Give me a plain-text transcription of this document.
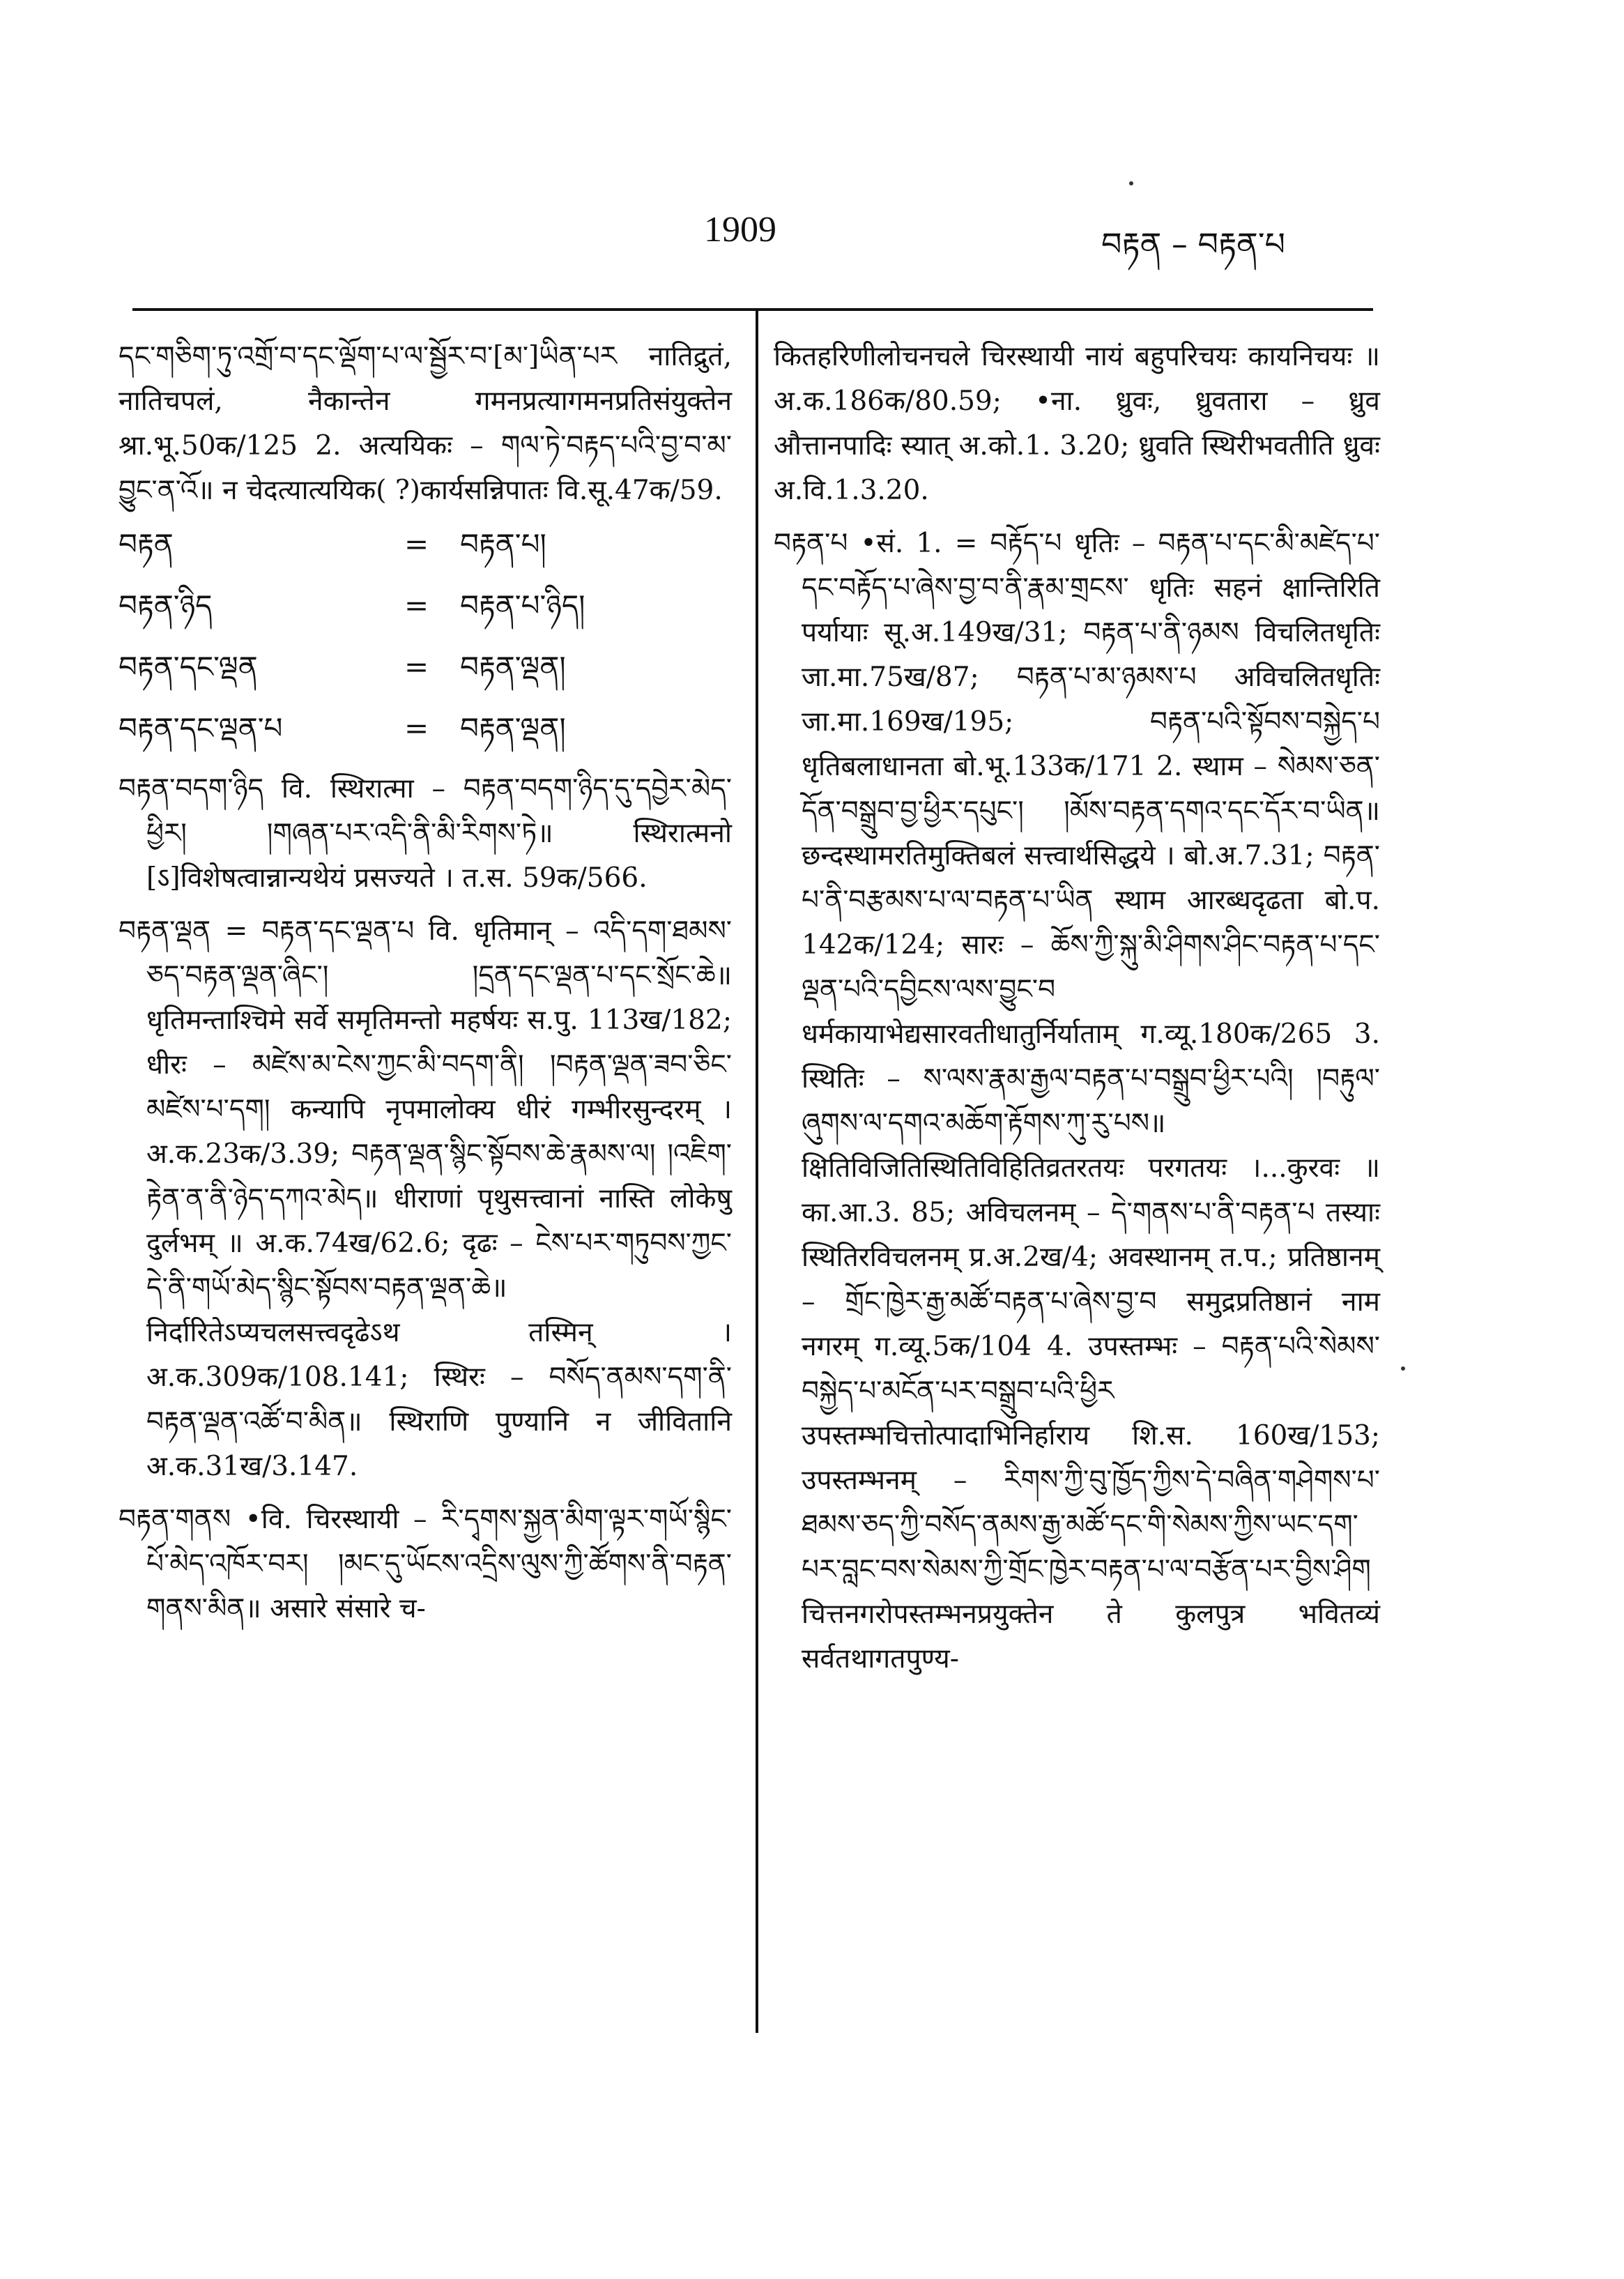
1909	བརྟན – བརྟན་པ

དང་གཅིག་ཏུ་འགྲོ་བ་དང་ལྡོག་པ་ལ་སྦྱོར་བ་[མ་]ཡིན་པར नातिद्रुतं, नातिचपलं, नैकान्तेन गमनप्रत्यागमनप्रतिसंयुक्तेन श्रा.भू.50क/125 2. अत्ययिकः – གལ་ཏེ་བརྟད་པའི་བྱ་བ་མ་བྱུང་ན་འོ॥ न चेदत्यात्ययिक( ?)कार्यसन्निपातः वि.सू.47क/59.

བརྟན	=	བརྟན་པ།
བརྟན་ཉིད	=	བརྟན་པ་ཉིད།
བརྟན་དང་ལྡན	=	བརྟན་ལྡན།
བརྟན་དང་ལྡན་པ	=	བརྟན་ལྡན།

བརྟན་བདག་ཉིད वि. स्थिरात्मा – བརྟན་བདག་ཉིད་དུ་དབྱེར་མེད་ཕྱིར། །གཞན་པར་འདི་ནི་མི་རིགས་ཏེ॥ स्थिरात्मनो [ऽ]विशेषत्वान्नान्यथेयं प्रसज्यते । त.स. 59क/566.

བརྟན་ལྡན = བརྟན་དང་ལྡན་པ वि. धृतिमान् – འདི་དག་ཐམས་ཅད་བརྟན་ལྡན་ཞིང་། །དྲན་དང་ལྡན་པ་དང་སྲོང་ཆེ॥ धृतिमन्ताश्चिमे सर्वे समृतिमन्तो महर्षयः स.पु. 113ख/182; धीरः – མཛེས་མ་ངེས་ཀྱང་མི་བདག་ནི། །བརྟན་ལྡན་ཟབ་ཅིང་མཛེས་པ་དག། कन्यापि नृपमालोक्य धीरं गम्भीरसुन्दरम् । अ.क.23क/3.39; བརྟན་ལྡན་སྙིང་སྟོབས་ཆེ་རྣམས་ལ། །འཇིག་རྟེན་ན་ནི་ཉེད་དཀའ་མེད॥ धीराणां पृथुसत्त्वानां नास्ति लोकेषु दुर्लभम् ॥ अ.क.74ख/62.6; दृढः – ངེས་པར་གཏུབས་ཀྱང་དེ་ནི་གཡོ་མེད་སྙིང་སྟོབས་བརྟན་ལྡན་ཆེ॥ निर्दारितेऽप्यचलसत्त्वदृढेऽथ तस्मिन् । अ.क.309क/108.141; स्थिरः – བསོད་ནམས་དག་ནི་བརྟན་ལྡན་འཚོ་བ་མིན॥ स्थिराणि पुण्यानि न जीवितानि अ.क.31ख/3.147.

བརྟན་གནས •वि. चिरस्थायी – རི་དྭགས་སྐྱན་མིག་ལྟར་གཡོ་སྙིང་པོ་མེད་འཁོར་བར། །མང་དུ་ཡོངས་འདྲིས་ལུས་ཀྱི་ཚོགས་ནི་བརྟན་གནས་མིན॥ असारे संसारे च-

कितहरिणीलोचनचले चिरस्थायी नायं बहुपरिचयः कायनिचयः ॥ अ.क.186क/80.59; •ना. ध्रुवः, ध्रुवतारा – ध्रुव औत्तानपादिः स्यात् अ.को.1. 3.20; ध्रुवति स्थिरीभवतीति ध्रुवः अ.वि.1.3.20.

བརྟན་པ •सं. 1. = བརྟོད་པ धृतिः – བརྟན་པ་དང་མི་མཛེད་པ་དང་བརྟོད་པ་ཞེས་བྱ་བ་ནི་རྣམ་གྲངས་ धृतिः सहनं क्षान्तिरिति पर्यायाः सू.अ.149ख/31; བརྟན་པ་ནི་ཉམས विचलितधृतिः जा.मा.75ख/87; བརྟན་པ་མ་ཉམས་པ अविचलितधृतिः जा.मा.169ख/195; བརྟན་པའི་སྟོབས་བསྐྱེད་པ धृतिबलाधानता बो.भू.133क/171 2. स्थाम – སེམས་ཅན་དོན་བསྒྲུབ་བྱ་ཕྱིར་དཔུང་། །མོས་བརྟན་དགའ་དང་དོར་བ་ཡིན॥ छन्दस्थामरतिमुक्तिबलं सत्त्वार्थसिद्धये । बो.अ.7.31; བརྟན་པ་ནི་བརྩམས་པ་ལ་བརྟན་པ་ཡིན स्थाम आरब्धदृढता बो.प. 142क/124; सारः – ཆོས་ཀྱི་སྐུ་མི་ཤིགས་ཤིང་བརྟན་པ་དང་ལྡན་པའི་དབྱིངས་ལས་བྱུང་བ धर्मकायाभेद्यसारवतीधातुर्निर्याताम् ग.व्यू.180क/265 3. स्थितिः – ས་ལས་རྣམ་རྒྱལ་བརྟན་པ་བསྒྲུབ་ཕྱིར་པའི། །བརྟུལ་ཞུགས་ལ་དགའ་མཆོག་རྟོགས་ཀུ་རུ་པས॥ क्षितिविजितिस्थितिविहितिव्रतरतयः परगतयः ।...कुरवः ॥ का.आ.3. 85; अविचलनम् – དེ་གནས་པ་ནི་བརྟན་པ तस्याः स्थितिरविचलनम् प्र.अ.2ख/4; अवस्थानम् त.प.; प्रतिष्ठानम् – གྲོང་ཁྱེར་རྒྱ་མཚོ་བརྟན་པ་ཞེས་བྱ་བ समुद्रप्रतिष्ठानं नाम नगरम् ग.व्यू.5क/104 4. उपस्तम्भः – བརྟན་པའི་སེམས་བསྐྱེད་པ་མངོན་པར་བསྒྲུབ་པའི་ཕྱིར उपस्तम्भचित्तोत्पादाभिनिर्हाराय शि.स. 160ख/153; उपस्तम्भनम् – རིགས་ཀྱི་བུ་ཁྱོད་ཀྱིས་དེ་བཞིན་གཤེགས་པ་ཐམས་ཅད་ཀྱི་བསོད་ནམས་རྒྱ་མཚོ་དང་གི་སེམས་ཀྱིས་ཡང་དག་པར་བླང་བས་སེམས་ཀྱི་གྲོང་ཁྱེར་བརྟན་པ་ལ་བརྩོན་པར་བྱིས་ཤིག चित्तनगरोपस्तम्भनप्रयुक्तेन ते कुलपुत्र भवितव्यं सर्वतथागतपुण्य-
